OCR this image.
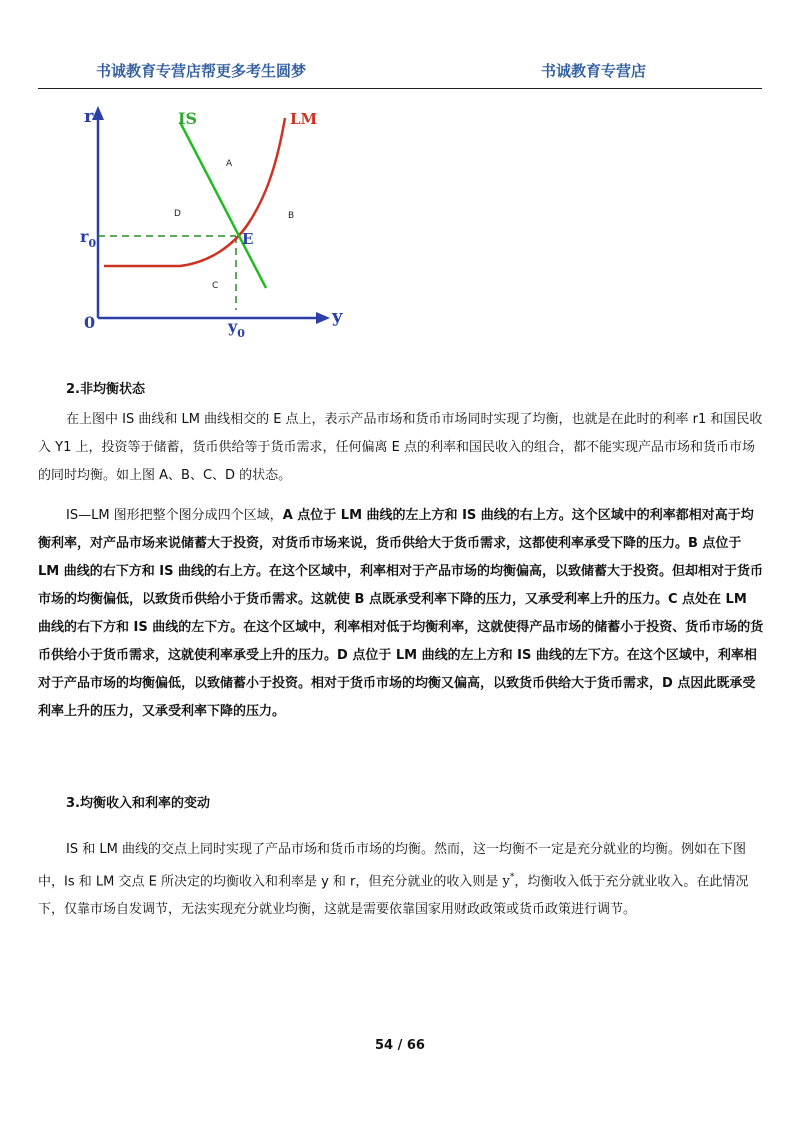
书诚教育专营店帮更多考生圆梦	书诚教育专营店
r
y
0
IS	LM
E
$r_0$
$y_0$
A
B
C
D
2.非均衡状态

在上图中 IS 曲线和 LM 曲线相交的 E 点上，表示产品市场和货币市场同时实现了均衡，也就是在此时的利率 r1 和国民收入 Y1 上，投资等于储蓄，货币供给等于货币需求，任何偏离 E 点的利率和国民收入的组合，都不能实现产品市场和货币市场的同时均衡。如上图 A、B、C、D 的状态。

IS—LM 图形把整个图分成四个区域，A 点位于 LM 曲线的左上方和 IS 曲线的右上方。这个区域中的利率都相对高于均衡利率，对产品市场来说储蓄大于投资，对货币市场来说，货币供给大于货币需求，这都使利率承受下降的压力。B 点位于 LM 曲线的右下方和 IS 曲线的右上方。在这个区域中，利率相对于产品市场的均衡偏高，以致储蓄大于投资。但却相对于货币市场的均衡偏低，以致货币供给小于货币需求。这就使 B 点既承受利率下降的压力，又承受利率上升的压力。C 点处在 LM 曲线的右下方和 IS 曲线的左下方。在这个区域中，利率相对低于均衡利率，这就使得产品市场的储蓄小于投资、货币市场的货币供给小于货币需求，这就使利率承受上升的压力。D 点位于 LM 曲线的左上方和 IS 曲线的左下方。在这个区域中，利率相对于产品市场的均衡偏低，以致储蓄小于投资。相对于货币市场的均衡又偏高，以致货币供给大于货币需求，D 点因此既承受利率上升的压力，又承受利率下降的压力。

3.均衡收入和利率的变动

IS 和 LM 曲线的交点上同时实现了产品市场和货币市场的均衡。然而，这一均衡不一定是充分就业的均衡。例如在下图中，Is 和 LM 交点 E 所决定的均衡收入和利率是 y 和 r，但充分就业的收入则是 y*，均衡收入低于充分就业收入。在此情况下，仅靠市场自发调节，无法实现充分就业均衡，这就是需要依靠国家用财政政策或货币政策进行调节。

54 / 66
